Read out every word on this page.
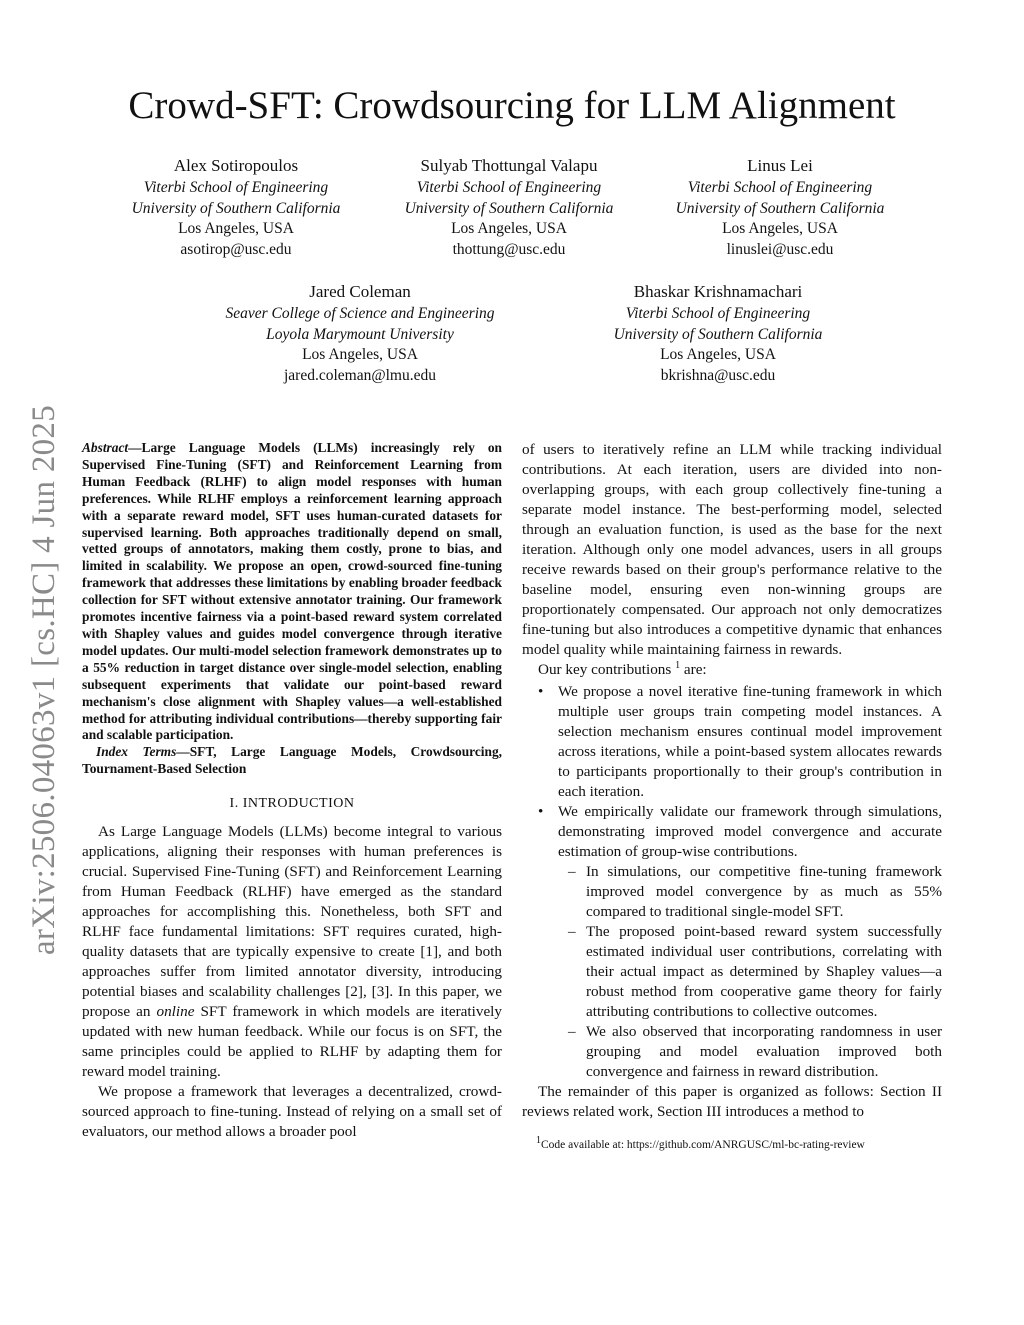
arXiv:2506.04063v1 [cs.HC] 4 Jun 2025
Crowd-SFT: Crowdsourcing for LLM Alignment
Alex Sotiropoulos
Viterbi School of Engineering
University of Southern California
Los Angeles, USA
asotirop@usc.edu
Sulyab Thottungal Valapu
Viterbi School of Engineering
University of Southern California
Los Angeles, USA
thottung@usc.edu
Linus Lei
Viterbi School of Engineering
University of Southern California
Los Angeles, USA
linuslei@usc.edu
Jared Coleman
Seaver College of Science and Engineering
Loyola Marymount University
Los Angeles, USA
jared.coleman@lmu.edu
Bhaskar Krishnamachari
Viterbi School of Engineering
University of Southern California
Los Angeles, USA
bkrishna@usc.edu

Abstract—Large Language Models (LLMs) increasingly rely on Supervised Fine-Tuning (SFT) and Reinforcement Learning from Human Feedback (RLHF) to align model responses with human preferences. While RLHF employs a reinforcement learning approach with a separate reward model, SFT uses human-curated datasets for supervised learning. Both approaches traditionally depend on small, vetted groups of annotators, making them costly, prone to bias, and limited in scalability. We propose an open, crowd-sourced fine-tuning framework that addresses these limitations by enabling broader feedback collection for SFT without extensive annotator training. Our framework promotes incentive fairness via a point-based reward system correlated with Shapley values and guides model convergence through iterative model updates. Our multi-model selection framework demonstrates up to a 55% reduction in target distance over single-model selection, enabling subsequent experiments that validate our point-based reward mechanism's close alignment with Shapley values—a well-established method for attributing individual contributions—thereby supporting fair and scalable participation.

Index Terms—SFT, Large Language Models, Crowdsourcing, Tournament-Based Selection

I. INTRODUCTION

As Large Language Models (LLMs) become integral to various applications, aligning their responses with human preferences is crucial. Supervised Fine-Tuning (SFT) and Reinforcement Learning from Human Feedback (RLHF) have emerged as the standard approaches for accomplishing this. Nonetheless, both SFT and RLHF face fundamental limitations: SFT requires curated, high-quality datasets that are typically expensive to create [1], and both approaches suffer from limited annotator diversity, introducing potential biases and scalability challenges [2], [3]. In this paper, we propose an online SFT framework in which models are iteratively updated with new human feedback. While our focus is on SFT, the same principles could be applied to RLHF by adapting them for reward model training.

We propose a framework that leverages a decentralized, crowd-sourced approach to fine-tuning. Instead of relying on a small set of evaluators, our method allows a broader pool

of users to iteratively refine an LLM while tracking individual contributions. At each iteration, users are divided into non-overlapping groups, with each group collectively fine-tuning a separate model instance. The best-performing model, selected through an evaluation function, is used as the base for the next iteration. Although only one model advances, users in all groups receive rewards based on their group's performance relative to the baseline model, ensuring even non-winning groups are proportionately compensated. Our approach not only democratizes fine-tuning but also introduces a competitive dynamic that enhances model quality while maintaining fairness in rewards.

Our key contributions $^1$ are:

• We propose a novel iterative fine-tuning framework in which multiple user groups train competing model instances. A selection mechanism ensures continual model improvement across iterations, while a point-based system allocates rewards to participants proportionally to their group's contribution in each iteration.
• We empirically validate our framework through simulations, demonstrating improved model convergence and accurate estimation of group-wise contributions.
– In simulations, our competitive fine-tuning framework improved model convergence by as much as 55% compared to traditional single-model SFT.
– The proposed point-based reward system successfully estimated individual user contributions, correlating with their actual impact as determined by Shapley values—a robust method from cooperative game theory for fairly attributing contributions to collective outcomes.
– We also observed that incorporating randomness in user grouping and model evaluation improved both convergence and fairness in reward distribution.

The remainder of this paper is organized as follows: Section II reviews related work, Section III introduces a method to

$^1$Code available at: https://github.com/ANRGUSC/ml-bc-rating-review
